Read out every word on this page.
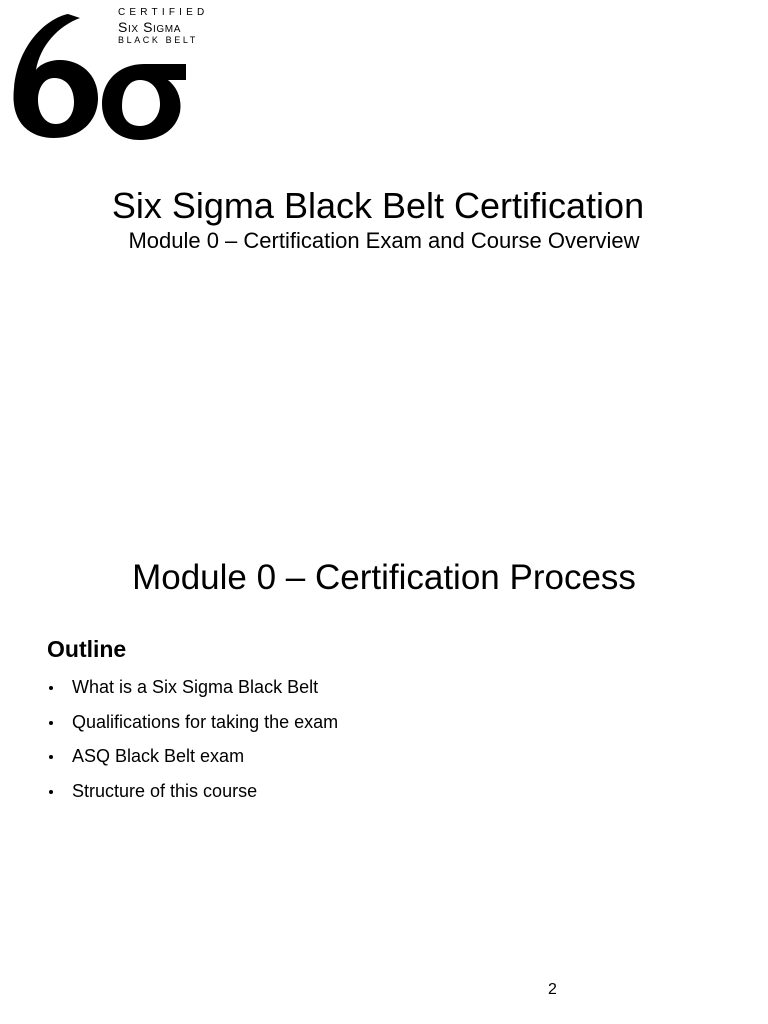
CERTIFIED
Six Sigma
BLACK BELT
Six Sigma Black Belt Certification
Module 0 – Certification Exam and Course Overview
Module 0 – Certification Process
Outline
What is a Six Sigma Black Belt
Qualifications for taking the exam
ASQ Black Belt exam
Structure of this course
2
